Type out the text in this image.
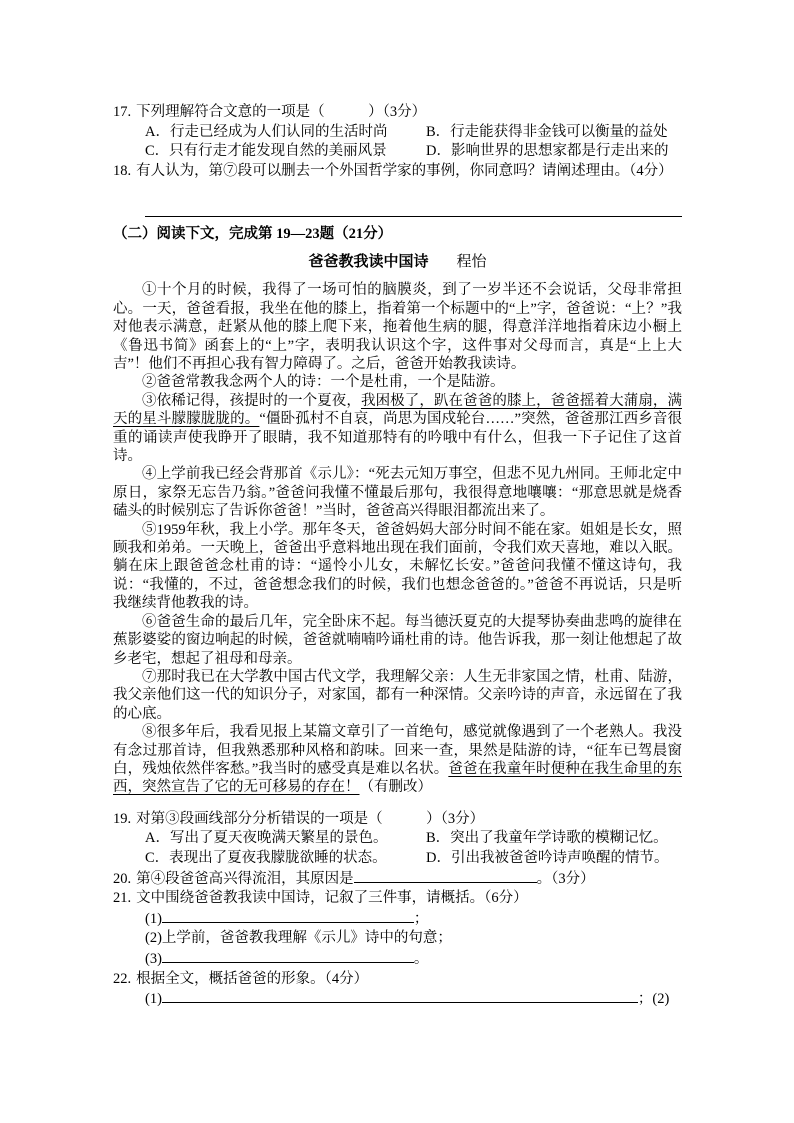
17. 下列理解符合文意的一项是（　　　）（3分）
A．行走已经成为人们认同的生活时尚	B．行走能获得非金钱可以衡量的益处
C．只有行走才能发现自然的美丽风景	D．影响世界的思想家都是行走出来的
18. 有人认为，第⑦段可以删去一个外国哲学家的事例，你同意吗？请阐述理由。（4分）
（二）阅读下文，完成第 19—23题（21分）
爸爸教我读中国诗 程怡

①十个月的时候，我得了一场可怕的脑膜炎，到了一岁半还不会说话，父母非常担心。一天，爸爸看报，我坐在他的膝上，指着第一个标题中的“上”字，爸爸说：“上？”我对他表示满意，赶紧从他的膝上爬下来，拖着他生病的腿，得意洋洋地指着床边小橱上《鲁迅书简》函套上的“上”字，表明我认识这个字，这件事对父母而言，真是“上上大吉”！他们不再担心我有智力障碍了。之后，爸爸开始教我读诗。

②爸爸常教我念两个人的诗：一个是杜甫，一个是陆游。

③依稀记得，孩提时的一个夏夜，我困极了，趴在爸爸的膝上，爸爸摇着大蒲扇，满天的星斗朦朦胧胧的。“僵卧孤村不自哀，尚思为国戍轮台……”突然，爸爸那江西乡音很重的诵读声使我睁开了眼睛，我不知道那特有的吟哦中有什么，但我一下子记住了这首诗。

④上学前我已经会背那首《示儿》：“死去元知万事空，但悲不见九州同。王师北定中原日，家祭无忘告乃翁。”爸爸问我懂不懂最后那句，我很得意地嚷嚷：“那意思就是烧香磕头的时候别忘了告诉你爸爸！”当时，爸爸高兴得眼泪都流出来了。

⑤1959年秋，我上小学。那年冬天，爸爸妈妈大部分时间不能在家。姐姐是长女，照顾我和弟弟。一天晚上，爸爸出乎意料地出现在我们面前，令我们欢天喜地，难以入眠。躺在床上跟爸爸念杜甫的诗：“遥怜小儿女，未解忆长安。”爸爸问我懂不懂这诗句，我说：“我懂的，不过，爸爸想念我们的时候，我们也想念爸爸的。”爸爸不再说话，只是听我继续背他教我的诗。

⑥爸爸生命的最后几年，完全卧床不起。每当德沃夏克的大提琴协奏曲悲鸣的旋律在蕉影婆娑的窗边响起的时候，爸爸就喃喃吟诵杜甫的诗。他告诉我，那一刻让他想起了故乡老宅，想起了祖母和母亲。

⑦那时我已在大学教中国古代文学，我理解父亲：人生无非家国之情，杜甫、陆游，我父亲他们这一代的知识分子，对家国，都有一种深情。父亲吟诗的声音，永远留在了我的心底。

⑧很多年后，我看见报上某篇文章引了一首绝句，感觉就像遇到了一个老熟人。我没有念过那首诗，但我熟悉那种风格和韵味。回来一查，果然是陆游的诗，“征车已驾晨窗白，残烛依然伴客愁。”我当时的感受真是难以名状。爸爸在我童年时便种在我生命里的东西，突然宣告了它的无可移易的存在！（有删改）

19. 对第③段画线部分分析错误的一项是（　　　）（3分）
A．写出了夏天夜晚满天繁星的景色。	B．突出了我童年学诗歌的模糊记忆。
C．表现出了夏夜我朦胧欲睡的状态。	D．引出我被爸爸吟诗声唤醒的情节。
20. 第④段爸爸高兴得流泪，其原因是	。（3分）
21. 文中围绕爸爸教我读中国诗，记叙了三件事，请概括。（6分）
(1)	；
(2)上学前，爸爸教我理解《示儿》诗中的句意；
(3)	。
22. 根据全文，概括爸爸的形象。（4分）
(1)	；(2)
